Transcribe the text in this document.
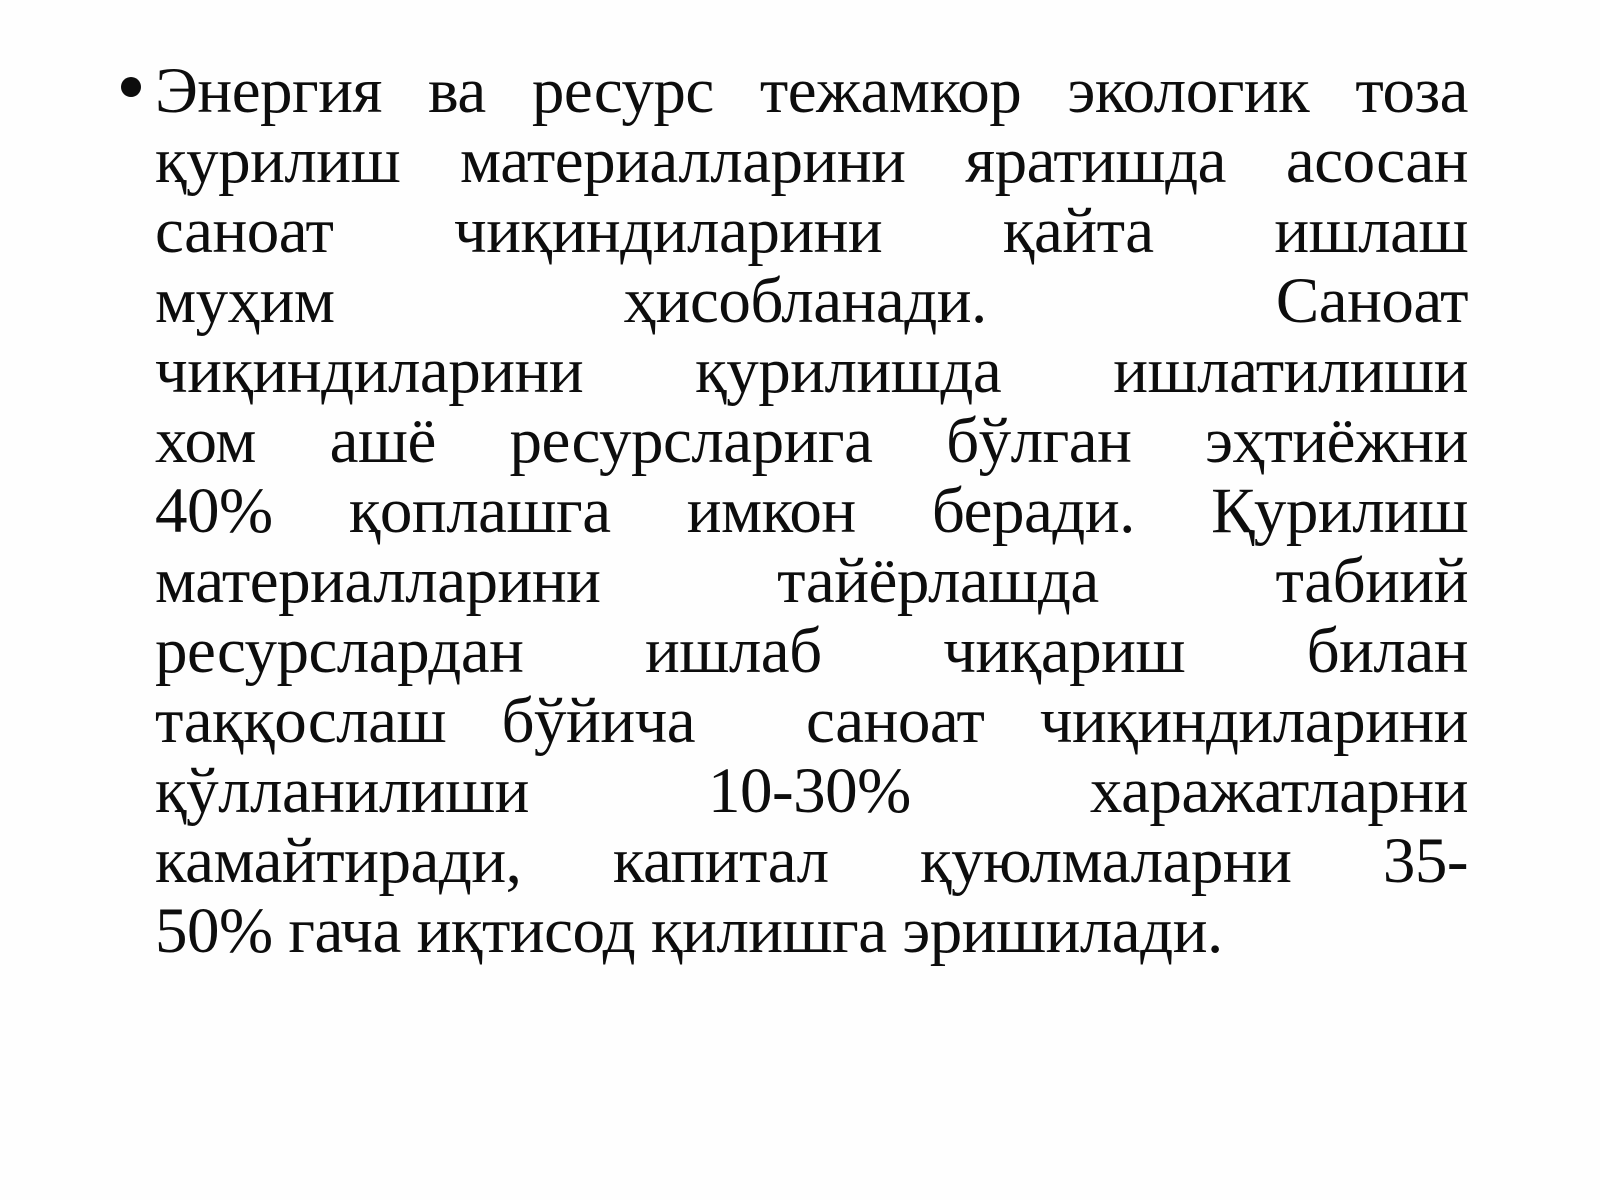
Энергия ва ресурс тежамкор экологик тоза
қурилиш материалларини яратишда асосан
саноат чиқиндиларини қайта ишлаш
муҳим ҳисобланади. Саноат
чиқиндиларини қурилишда ишлатилиши
хом ашё ресурсларига бўлган эҳтиёжни
40% қоплашга имкон беради. Қурилиш
материалларини тайёрлашда табиий
ресурслардан ишлаб чиқариш билан
таққослаш бўйича  саноат чиқиндиларини
қўлланилиши 10-30% харажатларни
камайтиради, капитал қуюлмаларни 35-
50% гача иқтисод қилишга эришилади.
